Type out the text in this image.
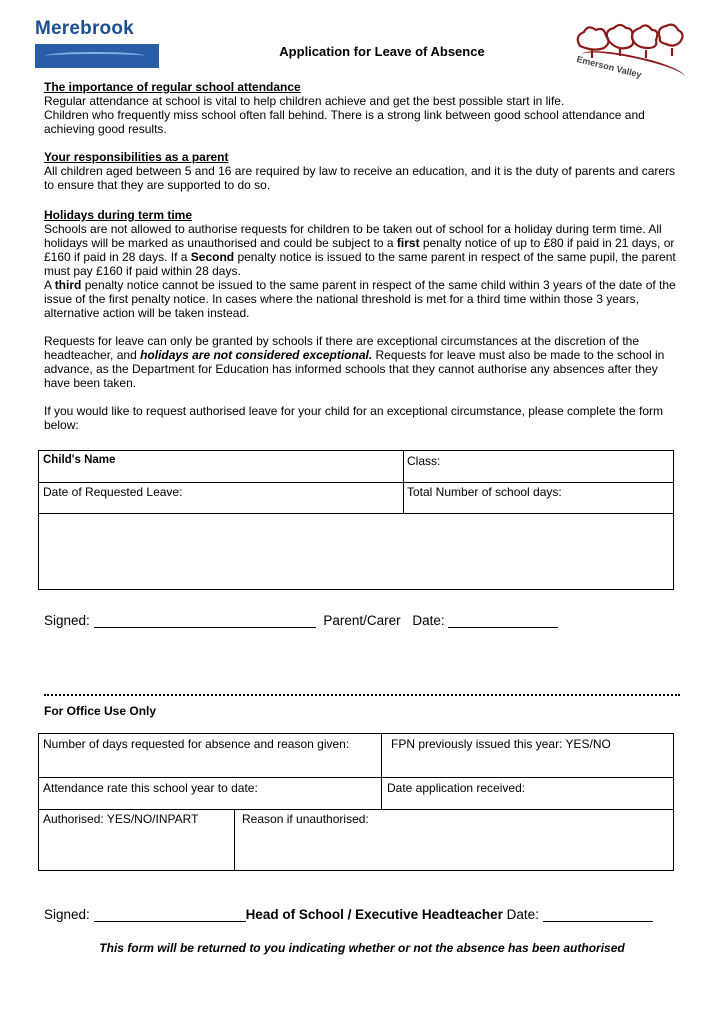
Merebrook
Application for Leave of Absence
Emerson Valley
The importance of regular school attendance

Regular attendance at school is vital to help children achieve and get the best possible start in life.

Children who frequently miss school often fall behind. There is a strong link between good school attendance and achieving good results.

Your responsibilities as a parent

All children aged between 5 and 16 are required by law to receive an education, and it is the duty of parents and carers to ensure that they are supported to do so.

Holidays during term time

Schools are not allowed to authorise requests for children to be taken out of school for a holiday during term time. All holidays will be marked as unauthorised and could be subject to a first penalty notice of up to £80 if paid in 21 days, or £160 if paid in 28 days. If a Second penalty notice is issued to the same parent in respect of the same pupil, the parent must pay £160 if paid within 28 days.

A third penalty notice cannot be issued to the same parent in respect of the same child within 3 years of the date of the issue of the first penalty notice. In cases where the national threshold is met for a third time within those 3 years, alternative action will be taken instead.

Requests for leave can only be granted by schools if there are exceptional circumstances at the discretion of the headteacher, and holidays are not considered exceptional. Requests for leave must also be made to the school in advance, as the Department for Education has informed schools that they cannot authorise any absences after they have been taken.

If you would like to request authorised leave for your child for an exceptional circumstance, please complete the form below:

Child's Name	Class:
Date of Requested Leave:	Total Number of school days:
Signed:	Parent/Carer Date:
For Office Use Only
Number of days requested for absence and reason given:	FPN previously issued this year: YES/NO
Attendance rate this school year to date:	Date application received:
Authorised: YES/NO/INPART	Reason if unauthorised:
Signed:	Head of School / Executive Headteacher Date:
This form will be returned to you indicating whether or not the absence has been authorised
